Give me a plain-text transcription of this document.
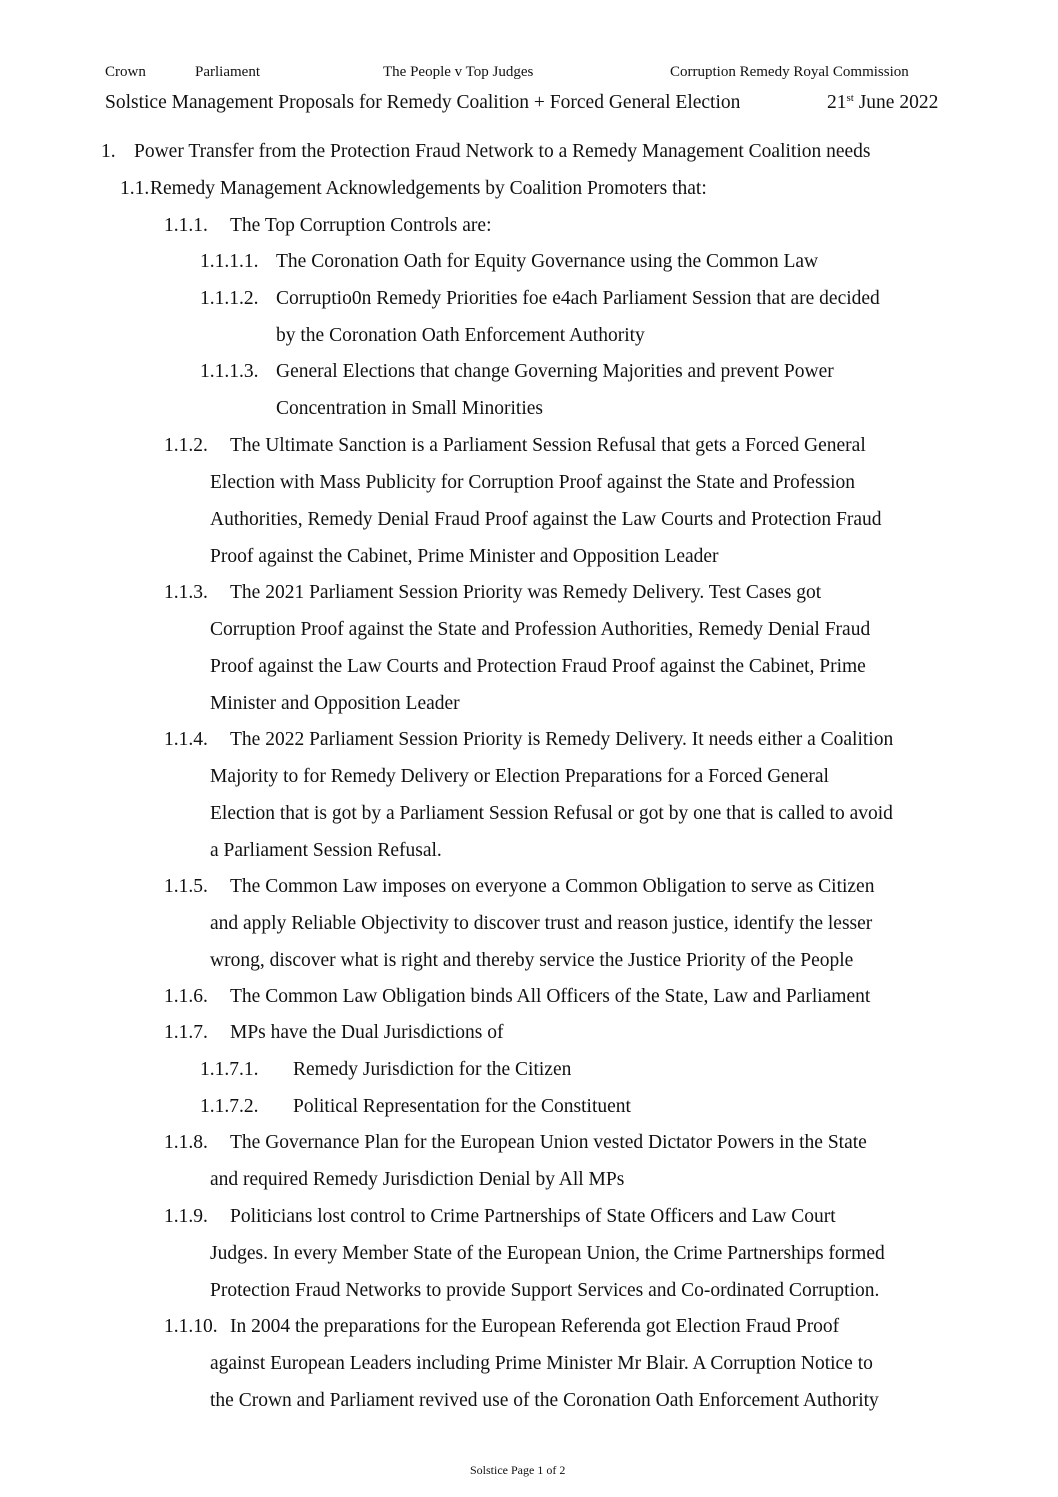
Crown	Parliament	The People v Top Judges	Corruption Remedy Royal Commission
Solstice Management Proposals for Remedy Coalition + Forced General Election	21st June 2022
1. Power Transfer from the Protection Fraud Network to a Remedy Management Coalition needs
1.1. Remedy Management Acknowledgements by Coalition Promoters that:
1.1.1. The Top Corruption Controls are:
1.1.1.1. The Coronation Oath for Equity Governance using the Common Law
1.1.1.2. Corruptio0n Remedy Priorities foe e4ach Parliament Session that are decided
by the Coronation Oath Enforcement Authority
1.1.1.3. General Elections that change Governing Majorities and prevent Power
Concentration in Small Minorities
1.1.2. The Ultimate Sanction is a Parliament Session Refusal that gets a Forced General
Election with Mass Publicity for Corruption Proof against the State and Profession
Authorities, Remedy Denial Fraud Proof against the Law Courts and Protection Fraud
Proof against the Cabinet, Prime Minister and Opposition Leader
1.1.3. The 2021 Parliament Session Priority was Remedy Delivery. Test Cases got
Corruption Proof against the State and Profession Authorities, Remedy Denial Fraud
Proof against the Law Courts and Protection Fraud Proof against the Cabinet, Prime
Minister and Opposition Leader
1.1.4. The 2022 Parliament Session Priority is Remedy Delivery. It needs either a Coalition
Majority to for Remedy Delivery or Election Preparations for a Forced General
Election that is got by a Parliament Session Refusal or got by one that is called to avoid
a Parliament Session Refusal.
1.1.5. The Common Law imposes on everyone a Common Obligation to serve as Citizen
and apply Reliable Objectivity to discover trust and reason justice, identify the lesser
wrong, discover what is right and thereby service the Justice Priority of the People
1.1.6. The Common Law Obligation binds All Officers of the State, Law and Parliament
1.1.7. MPs have the Dual Jurisdictions of
1.1.7.1. Remedy Jurisdiction for the Citizen
1.1.7.2. Political Representation for the Constituent
1.1.8. The Governance Plan for the European Union vested Dictator Powers in the State
and required Remedy Jurisdiction Denial by All MPs
1.1.9. Politicians lost control to Crime Partnerships of State Officers and Law Court
Judges. In every Member State of the European Union, the Crime Partnerships formed
Protection Fraud Networks to provide Support Services and Co-ordinated Corruption.
1.1.10. In 2004 the preparations for the European Referenda got Election Fraud Proof
against European Leaders including Prime Minister Mr Blair. A Corruption Notice to
the Crown and Parliament revived use of the Coronation Oath Enforcement Authority
Solstice Page 1 of 2
